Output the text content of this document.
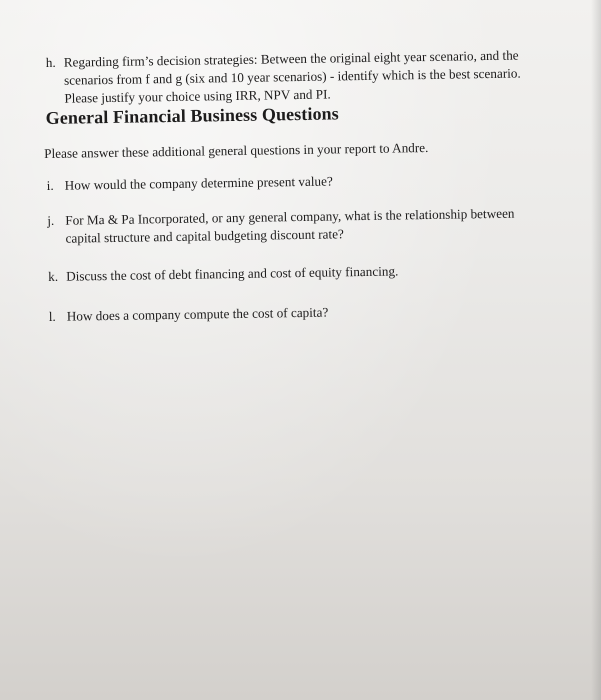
h. Regarding firm’s decision strategies: Between the original eight year scenario, and the
scenarios from f and g (six and 10 year scenarios) - identify which is the best scenario.
Please justify your choice using IRR, NPV and PI.
General Financial Business Questions
Please answer these additional general questions in your report to Andre.
i. How would the company determine present value?
j. For Ma & Pa Incorporated, or any general company, what is the relationship between
capital structure and capital budgeting discount rate?
k. Discuss the cost of debt financing and cost of equity financing.
l. How does a company compute the cost of capita?
